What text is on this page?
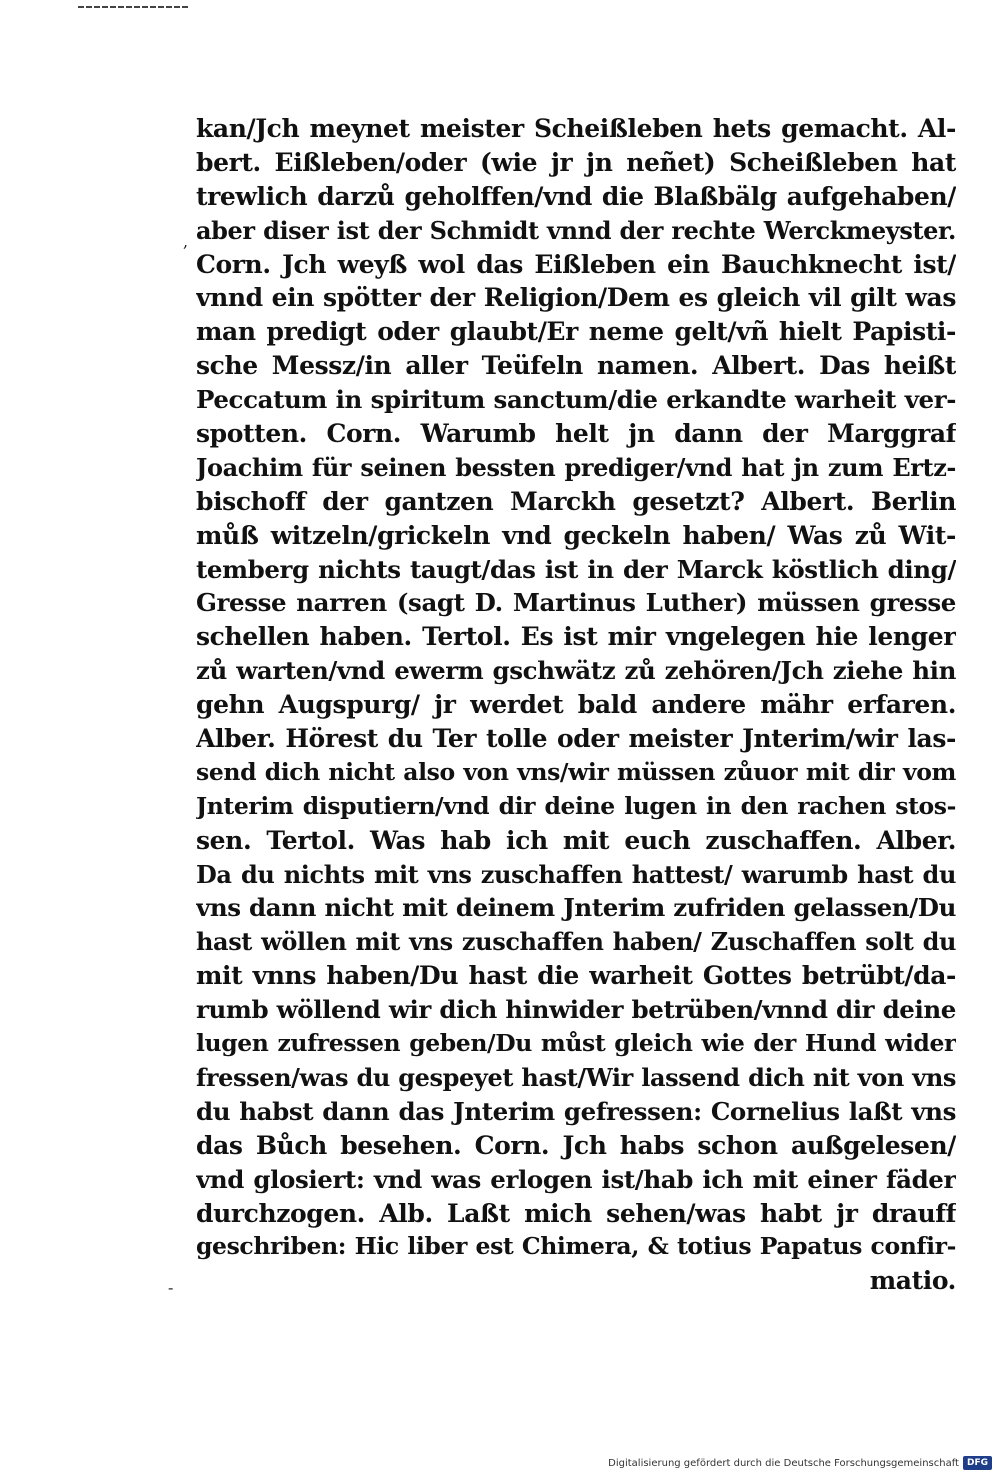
,
-
kan/Jch meynet meister Scheißleben hets gemacht. Al-
bert. Eißleben/oder (wie jr jn neñet) Scheißleben hat
trewlich darzů geholffen/vnd die Blaßbälg aufgehaben/
aber diser ist der Schmidt vnnd der rechte Werckmeyster.
Corn. Jch weyß wol das Eißleben ein Bauchknecht ist/
vnnd ein spötter der Religion/Dem es gleich vil gilt was
man predigt oder glaubt/Er neme gelt/vñ hielt Papisti-
sche Messz/in aller Teüfeln namen. Albert. Das heißt
Peccatum in spiritum sanctum/die erkandte warheit ver-
spotten. Corn. Warumb helt jn dann der Marggraf
Joachim für seinen bessten prediger/vnd hat jn zum Ertz-
bischoff der gantzen Marckh gesetzt? Albert. Berlin
můß witzeln/grickeln vnd geckeln haben/ Was zů Wit-
temberg nichts taugt/das ist in der Marck köstlich ding/
Gresse narren (sagt D. Martinus Luther) müssen gresse
schellen haben. Tertol. Es ist mir vngelegen hie lenger
zů warten/vnd ewerm gschwätz zů zehören/Jch ziehe hin
gehn Augspurg/ jr werdet bald andere mähr erfaren.
Alber. Hörest du Ter tolle oder meister Jnterim/wir las-
send dich nicht also von vns/wir müssen zůuor mit dir vom
Jnterim disputiern/vnd dir deine lugen in den rachen stos-
sen. Tertol. Was hab ich mit euch zuschaffen. Alber.
Da du nichts mit vns zuschaffen hattest/ warumb hast du
vns dann nicht mit deinem Jnterim zufriden gelassen/Du
hast wöllen mit vns zuschaffen haben/ Zuschaffen solt du
mit vnns haben/Du hast die warheit Gottes betrübt/da-
rumb wöllend wir dich hinwider betrüben/vnnd dir deine
lugen zufressen geben/Du můst gleich wie der Hund wider
fressen/was du gespeyet hast/Wir lassend dich nit von vns
du habst dann das Jnterim gefressen: Cornelius laßt vns
das Bůch besehen. Corn. Jch habs schon außgelesen/
vnd glosiert: vnd was erlogen ist/hab ich mit einer fäder
durchzogen. Alb. Laßt mich sehen/was habt jr drauff
geschriben: Hic liber est Chimera, & totius Papatus confir-
matio.
Digitalisierung gefördert durch die Deutsche Forschungsgemeinschaft DFG
